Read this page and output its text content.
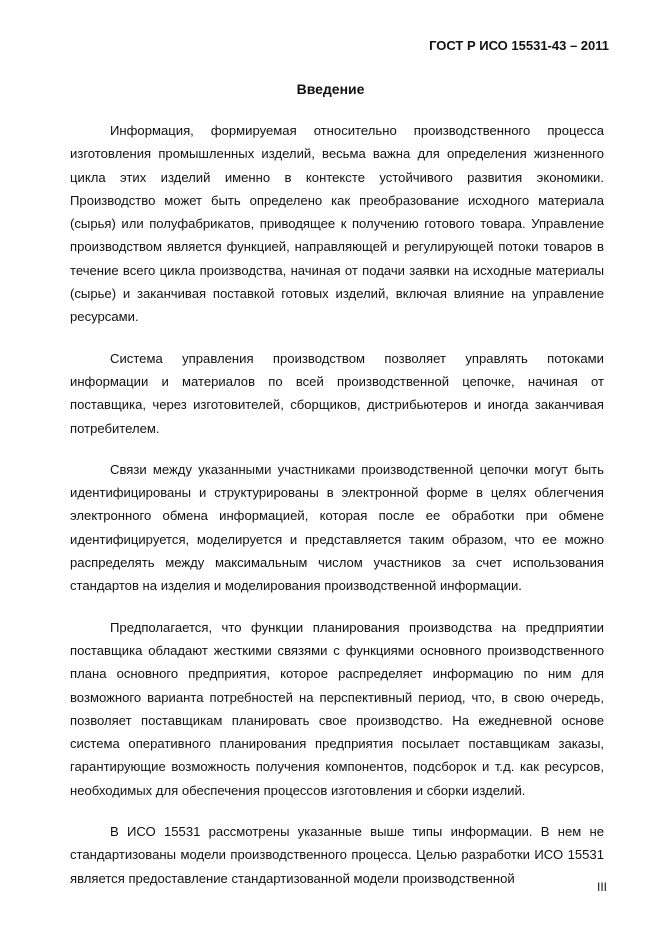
ГОСТ Р ИСО 15531-43 – 2011
Введение

Информация, формируемая относительно производственного процесса изготовления промышленных изделий, весьма важна для определения жизненного цикла этих изделий именно в контексте устойчивого развития экономики. Производство может быть определено как преобразование исходного материала (сырья) или полуфабрикатов, приводящее к получению готового товара. Управление производством является функцией, направляющей и регулирующей потоки товаров в течение всего цикла производства, начиная от подачи заявки на исходные материалы (сырье) и заканчивая поставкой готовых изделий, включая влияние на управление ресурсами.

Система управления производством позволяет управлять потоками информации и материалов по всей производственной цепочке, начиная от поставщика, через изготовителей, сборщиков, дистрибьютеров и иногда заканчивая потребителем.

Связи между указанными участниками производственной цепочки могут быть идентифицированы и структурированы в электронной форме в целях облегчения электронного обмена информацией, которая после ее обработки при обмене идентифицируется, моделируется и представляется таким образом, что ее можно распределять между максимальным числом участников за счет использования стандартов на изделия и моделирования производственной информации.

Предполагается, что функции планирования производства на предприятии поставщика обладают жесткими связями с функциями основного производственного плана основного предприятия, которое распределяет информацию по ним для возможного варианта потребностей на перспективный период, что, в свою очередь, позволяет поставщикам планировать свое производство. На ежедневной основе система оперативного планирования предприятия посылает поставщикам заказы, гарантирующие возможность получения компонентов, подсборок и т.д. как ресурсов, необходимых для обеспечения процессов изготовления и сборки изделий.

В ИСО 15531 рассмотрены указанные выше типы информации. В нем не стандартизованы модели производственного процесса. Целью разработки ИСО 15531 является предоставление стандартизованной модели производственной

III
